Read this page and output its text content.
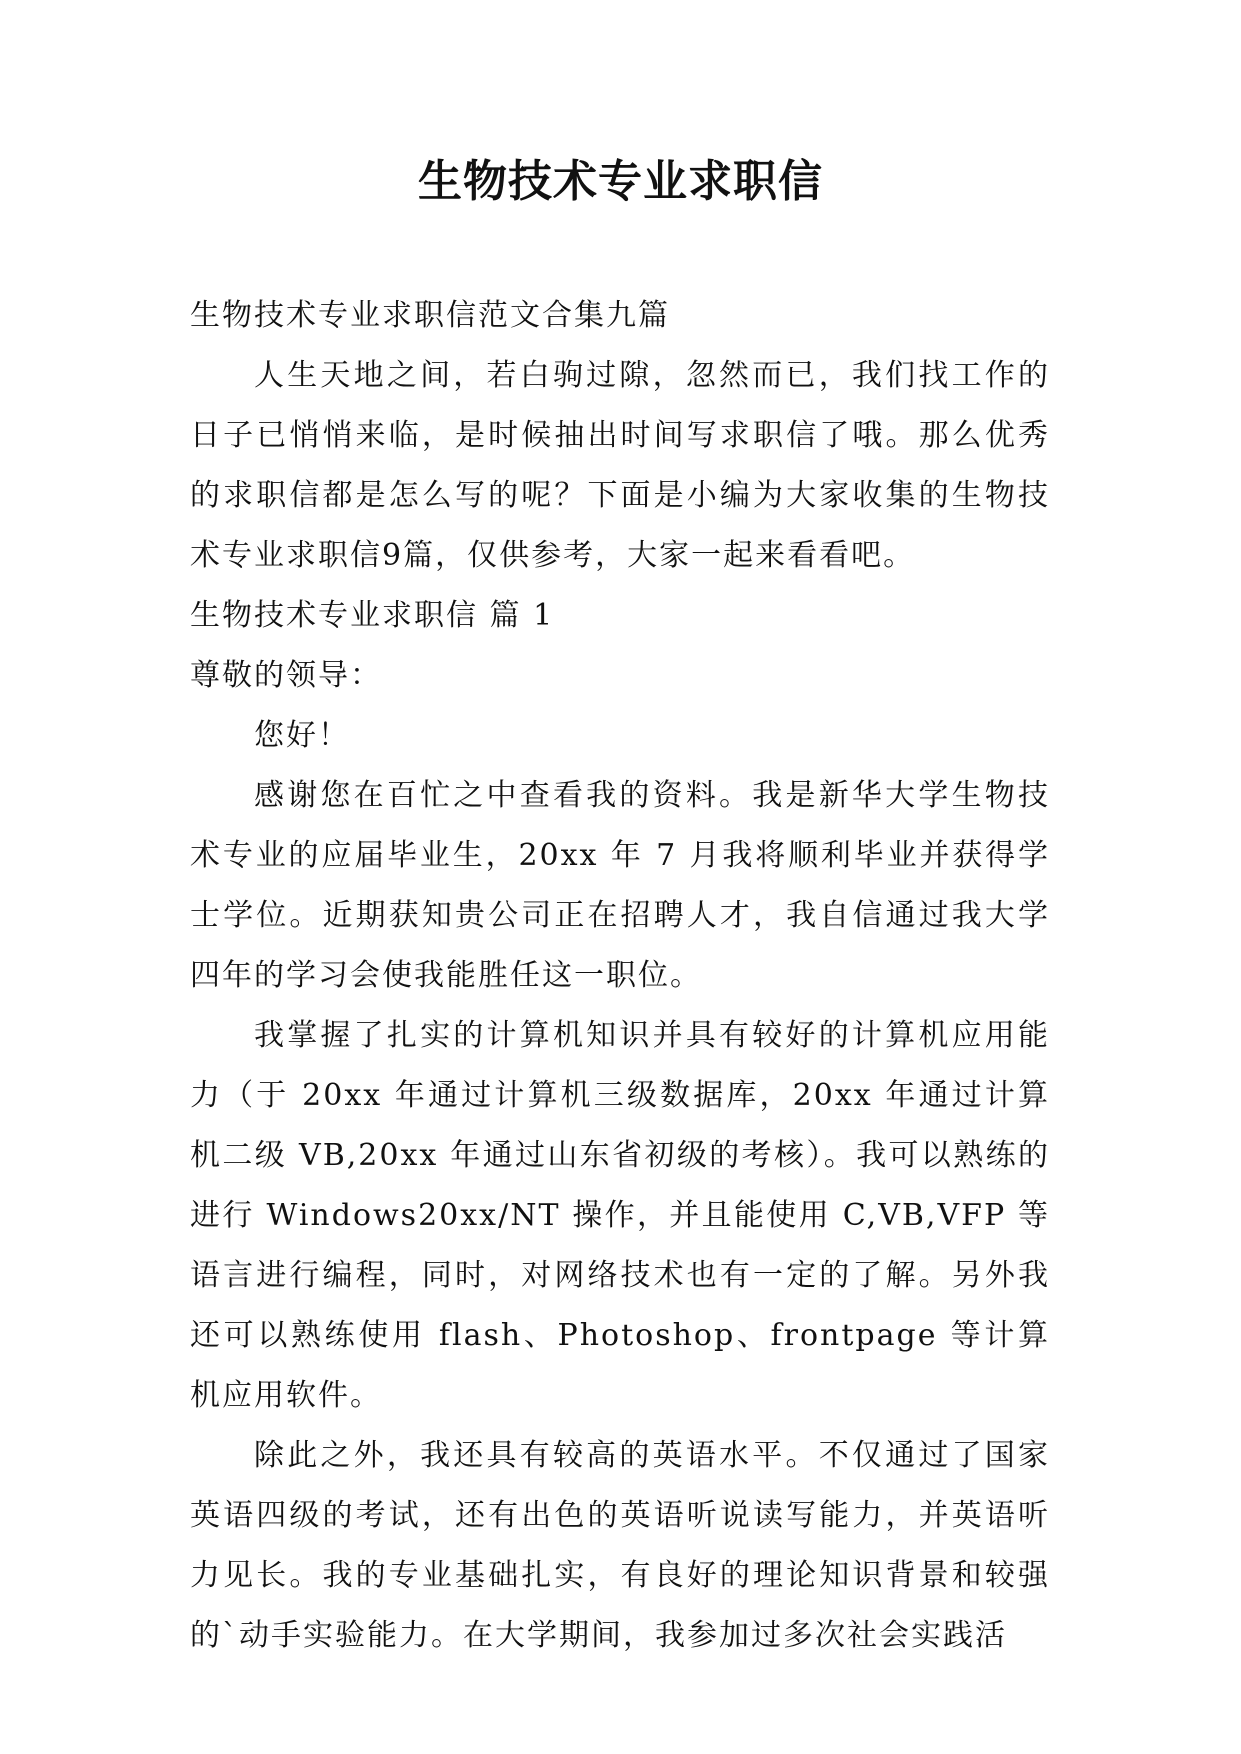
生物技术专业求职信

生物技术专业求职信范文合集九篇

人生天地之间，若白驹过隙，忽然而已，我们找工作的日子已悄悄来临，是时候抽出时间写求职信了哦。那么优秀的求职信都是怎么写的呢？下面是小编为大家收集的生物技术专业求职信9篇，仅供参考，大家一起来看看吧。

生物技术专业求职信 篇 1

尊敬的领导：

您好！

感谢您在百忙之中查看我的资料。我是新华大学生物技术专业的应届毕业生，20xx 年 7 月我将顺利毕业并获得学士学位。近期获知贵公司正在招聘人才，我自信通过我大学四年的学习会使我能胜任这一职位。

我掌握了扎实的计算机知识并具有较好的计算机应用能力（于 20xx 年通过计算机三级数据库，20xx 年通过计算机二级 VB,20xx 年通过山东省初级的考核）。我可以熟练的进行 Windows20xx/NT 操作，并且能使用 C,VB,VFP 等语言进行编程，同时，对网络技术也有一定的了解。另外我还可以熟练使用 flash、Photoshop、frontpage 等计算机应用软件。

除此之外，我还具有较高的英语水平。不仅通过了国家英语四级的考试，还有出色的英语听说读写能力，并英语听力见长。我的专业基础扎实，有良好的理论知识背景和较强的`动手实验能力。在大学期间，我参加过多次社会实践活
